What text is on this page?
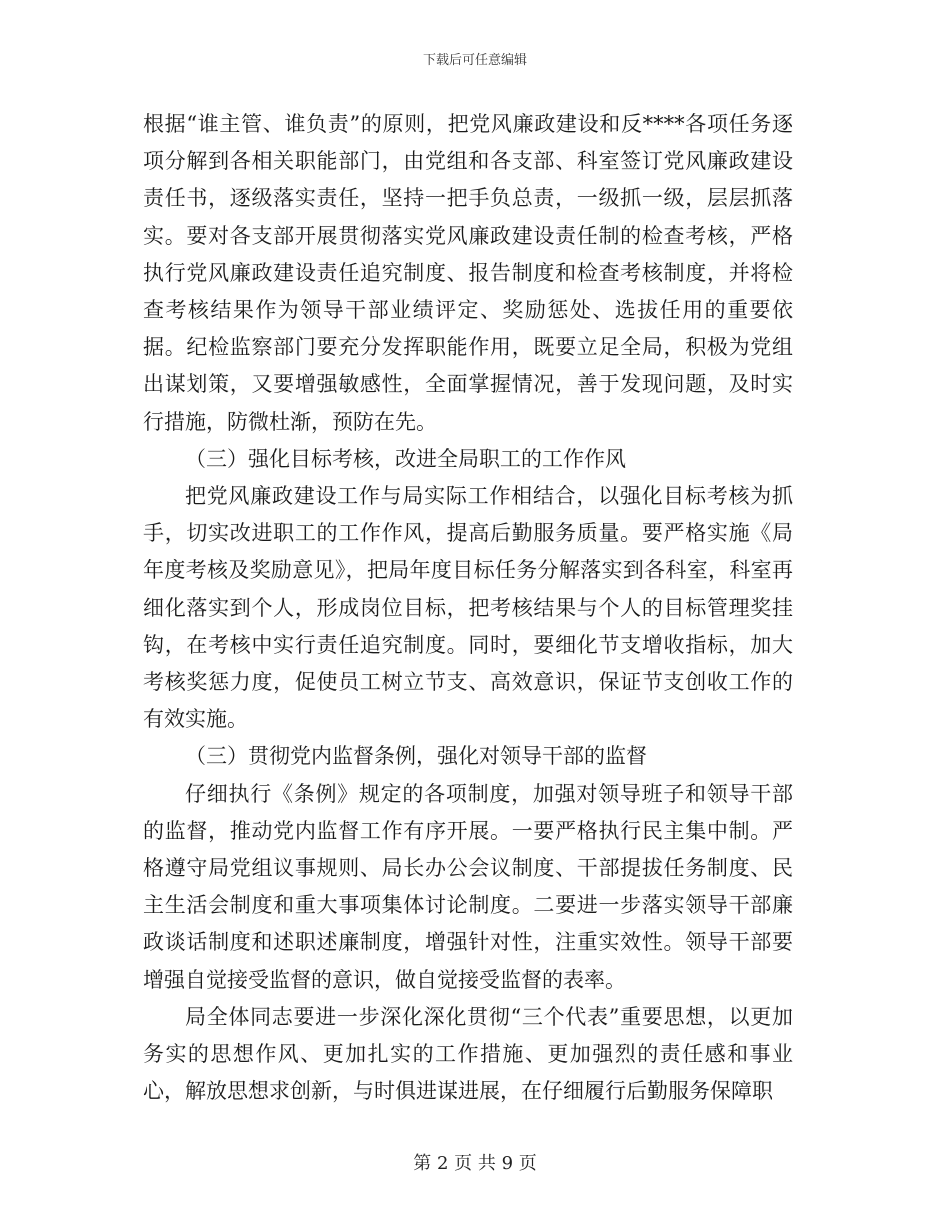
下载后可任意编辑

根据“谁主管、谁负责”的原则，把党风廉政建设和反****各项任务逐项分解到各相关职能部门，由党组和各支部、科室签订党风廉政建设责任书，逐级落实责任，坚持一把手负总责，一级抓一级，层层抓落实。要对各支部开展贯彻落实党风廉政建设责任制的检查考核，严格执行党风廉政建设责任追究制度、报告制度和检查考核制度，并将检查考核结果作为领导干部业绩评定、奖励惩处、选拔任用的重要依据。纪检监察部门要充分发挥职能作用，既要立足全局，积极为党组出谋划策，又要增强敏感性，全面掌握情况，善于发现问题，及时实行措施，防微杜渐，预防在先。

（三）强化目标考核，改进全局职工的工作作风

把党风廉政建设工作与局实际工作相结合，以强化目标考核为抓手，切实改进职工的工作作风，提高后勤服务质量。要严格实施《局年度考核及奖励意见》，把局年度目标任务分解落实到各科室，科室再细化落实到个人，形成岗位目标，把考核结果与个人的目标管理奖挂钩，在考核中实行责任追究制度。同时，要细化节支增收指标，加大考核奖惩力度，促使员工树立节支、高效意识，保证节支创收工作的有效实施。

（三）贯彻党内监督条例，强化对领导干部的监督

仔细执行《条例》规定的各项制度，加强对领导班子和领导干部的监督，推动党内监督工作有序开展。一要严格执行民主集中制。严格遵守局党组议事规则、局长办公会议制度、干部提拔任务制度、民主生活会制度和重大事项集体讨论制度。二要进一步落实领导干部廉政谈话制度和述职述廉制度，增强针对性，注重实效性。领导干部要增强自觉接受监督的意识，做自觉接受监督的表率。

局全体同志要进一步深化深化贯彻“三个代表”重要思想，以更加务实的思想作风、更加扎实的工作措施、更加强烈的责任感和事业心，解放思想求创新，与时俱进谋进展，在仔细履行后勤服务保障职

第 2 页 共 9 页
